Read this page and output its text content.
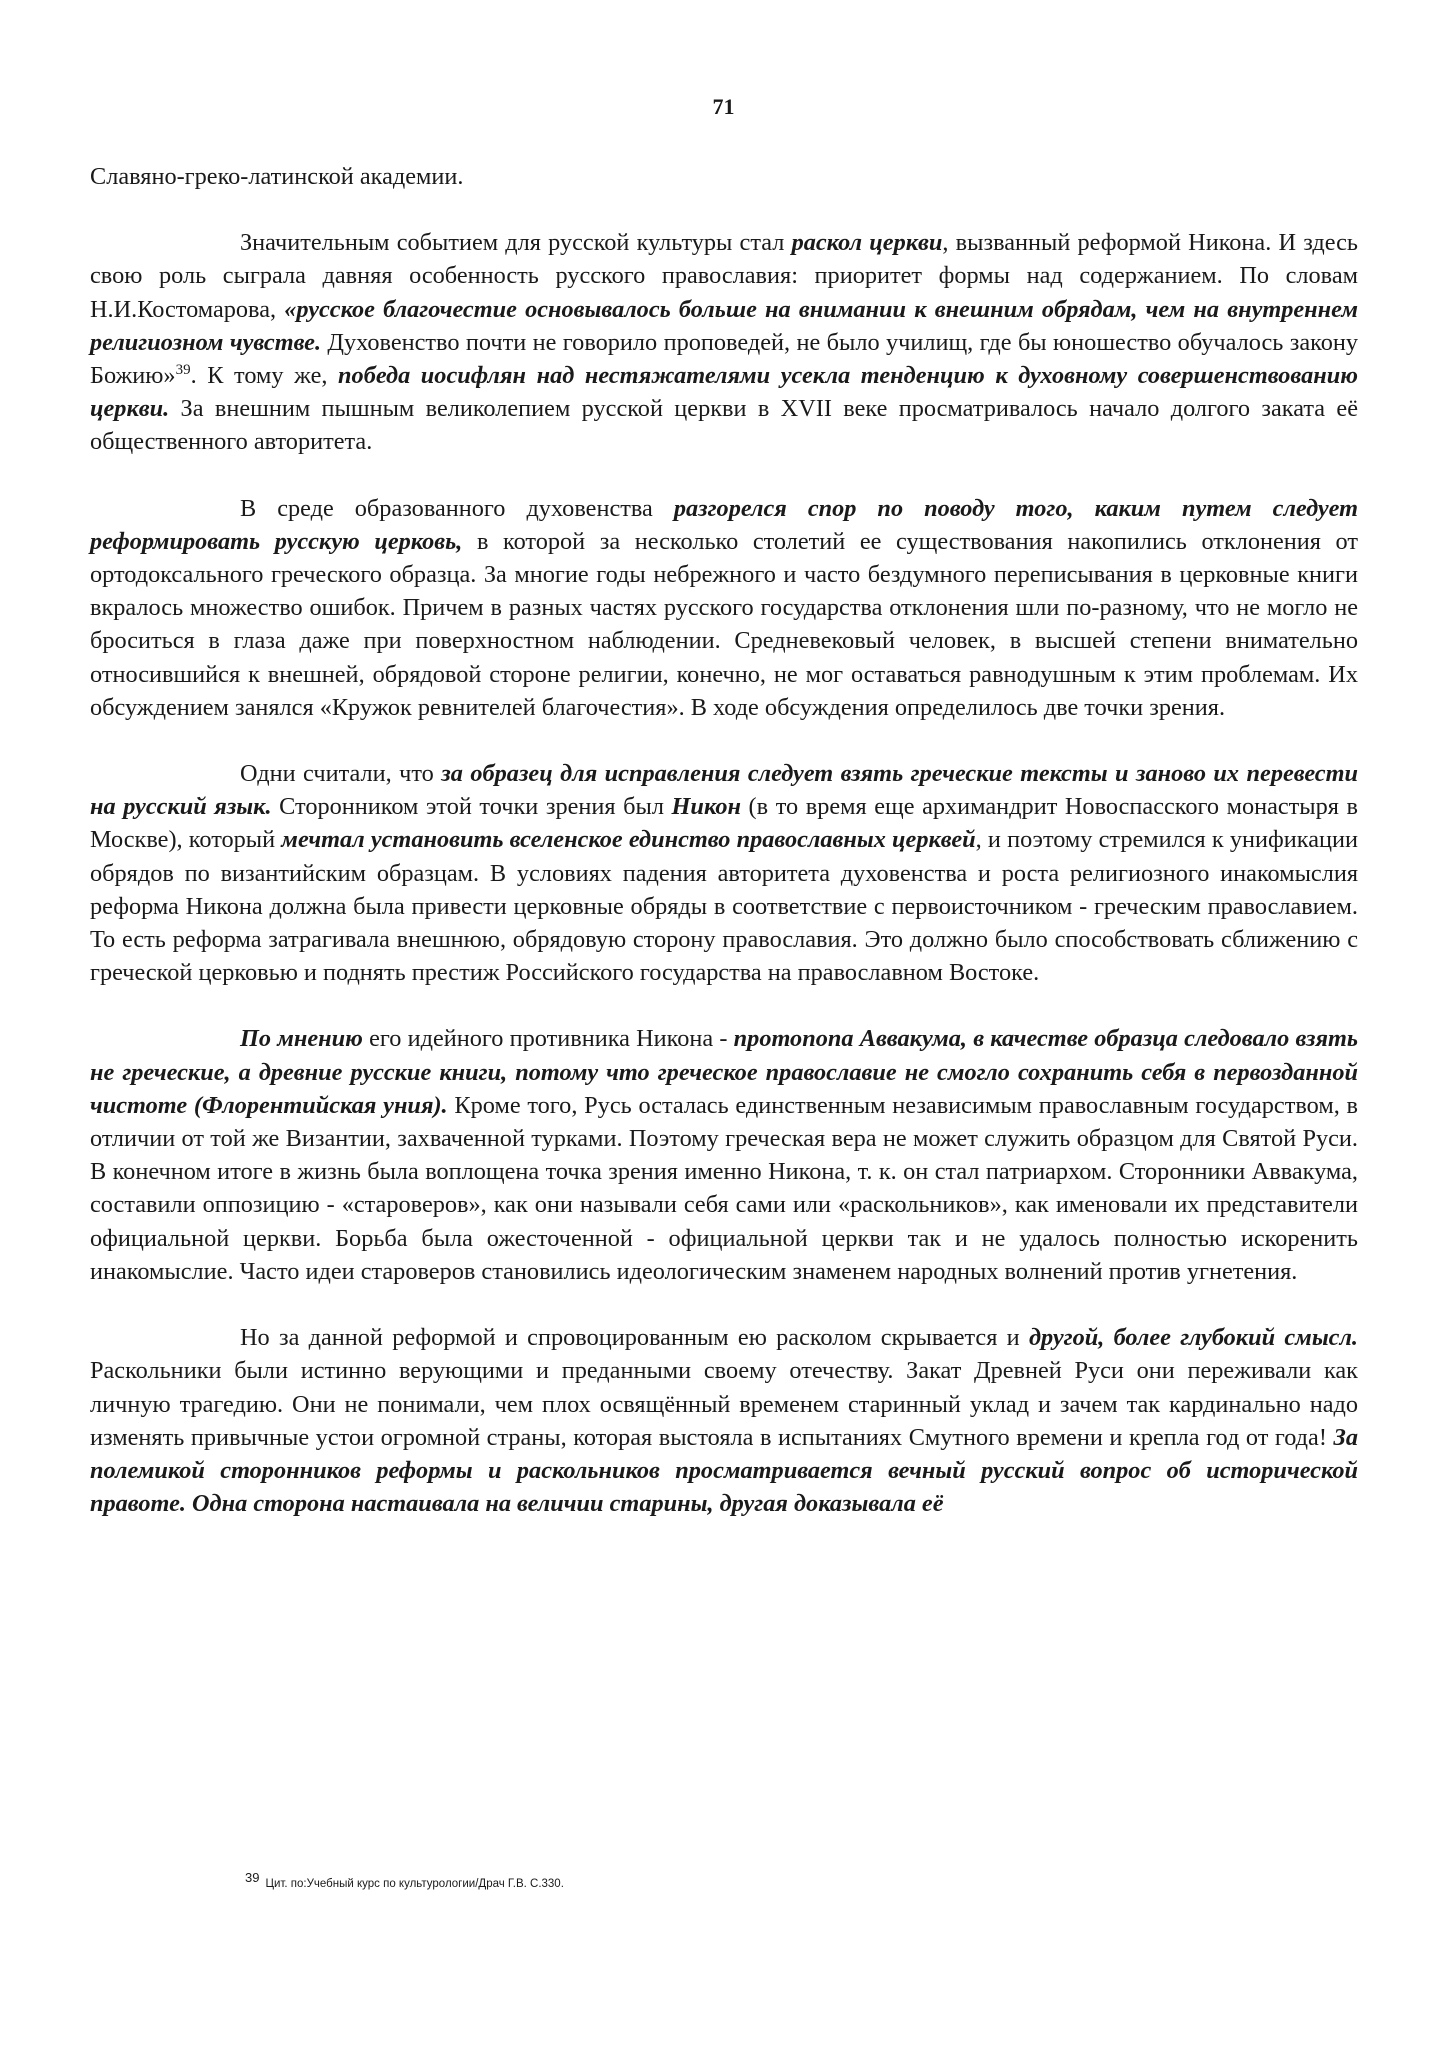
71

Славяно-греко-латинской академии.

Значительным событием для русской культуры стал раскол церкви, вызванный реформой Никона. И здесь свою роль сыграла давняя особенность русского православия: приоритет формы над содержанием. По словам Н.И.Костомарова, «русское благочестие основывалось больше на внимании к внешним обрядам, чем на внутреннем религиозном чувстве. Духовенство почти не говорило проповедей, не было училищ, где бы юношество обучалось закону Божию»$^{39}$. К тому же, победа иосифлян над нестяжателями усекла тенденцию к духовному совершенствованию церкви. За внешним пышным великолепием русской церкви в XVII веке просматривалось начало долгого заката её общественного авторитета.

В среде образованного духовенства разгорелся спор по поводу того, каким путем следует реформировать русскую церковь, в которой за несколько столетий ее существования накопились отклонения от ортодоксального греческого образца. За многие годы небрежного и часто бездумного переписывания в церковные книги вкралось множество ошибок. Причем в разных частях русского государства отклонения шли по-разному, что не могло не броситься в глаза даже при поверхностном наблюдении. Средневековый человек, в высшей степени внимательно относившийся к внешней, обрядовой стороне религии, конечно, не мог оставаться равнодушным к этим проблемам. Их обсуждением занялся «Кружок ревнителей благочестия». В ходе обсуждения определилось две точки зрения.

Одни считали, что за образец для исправления следует взять греческие тексты и заново их перевести на русский язык. Сторонником этой точки зрения был Никон (в то время еще архимандрит Новоспасского монастыря в Москве), который мечтал установить вселенское единство православных церквей, и поэтому стремился к унификации обрядов по византийским образцам. В условиях падения авторитета духовенства и роста религиозного инакомыслия реформа Никона должна была привести церковные обряды в соответствие с первоисточником - греческим православием. То есть реформа затрагивала внешнюю, обрядовую сторону православия. Это должно было способствовать сближению с греческой церковью и поднять престиж Российского государства на православном Востоке.

По мнению его идейного противника Никона - протопопа Аввакума, в качестве образца следовало взять не греческие, а древние русские книги, потому что греческое православие не смогло сохранить себя в первозданной чистоте (Флорентийская уния). Кроме того, Русь осталась единственным независимым православным государством, в отличии от той же Византии, захваченной турками. Поэтому греческая вера не может служить образцом для Святой Руси. В конечном итоге в жизнь была воплощена точка зрения именно Никона, т. к. он стал патриархом. Сторонники Аввакума, составили оппозицию - «староверов», как они называли себя сами или «раскольников», как именовали их представители официальной церкви. Борьба была ожесточенной - официальной церкви так и не удалось полностью искоренить инакомыслие. Часто идеи староверов становились идеологическим знаменем народных волнений против угнетения.

Но за данной реформой и спровоцированным ею расколом скрывается и другой, более глубокий смысл. Раскольники были истинно верующими и преданными своему отечеству. Закат Древней Руси они переживали как личную трагедию. Они не понимали, чем плох освящённый временем старинный уклад и зачем так кардинально надо изменять привычные устои огромной страны, которая выстояла в испытаниях Смутного времени и крепла год от года! За полемикой сторонников реформы и раскольников просматривается вечный русский вопрос об исторической правоте. Одна сторона настаивала на величии старины, другая доказывала её

39 Цит. по:Учебный курс по культурологии/Драч Г.В. С.330.
